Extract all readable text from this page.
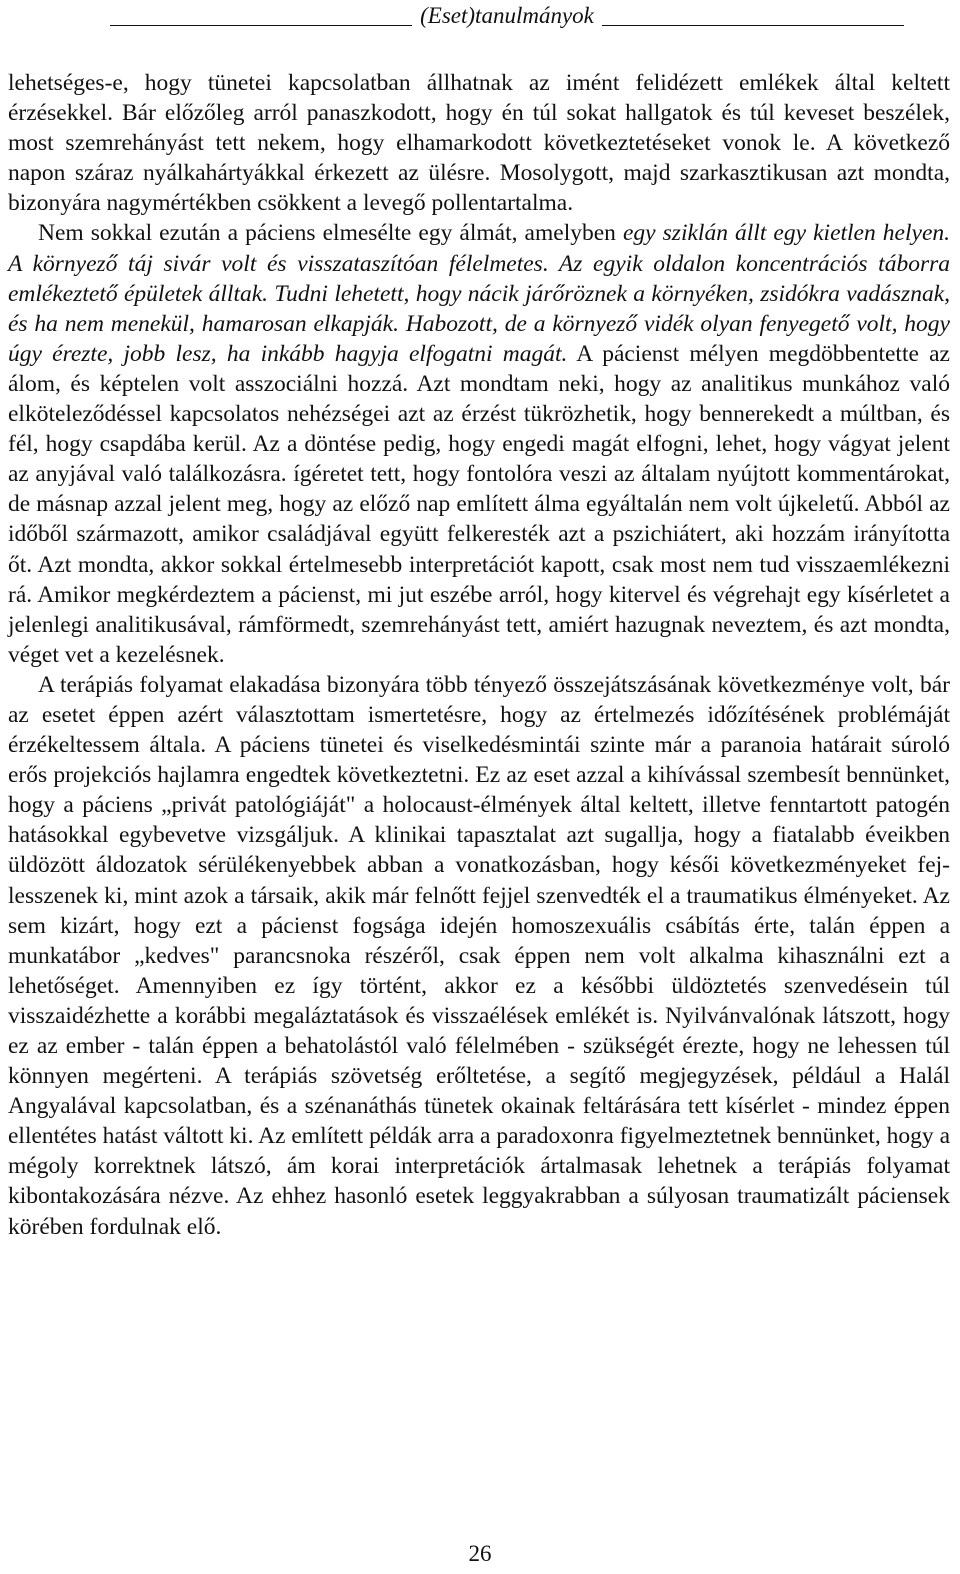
(Eset)tanulmányok

lehetséges-e, hogy tünetei kapcsolatban állhatnak az imént felidézett emlékek által keltett érzésekkel. Bár előzőleg arról panaszkodott, hogy én túl sokat hallgatok és túl keveset beszélek, most szemrehányást tett nekem, hogy elhamarkodott következtetéseket vonok le. A következő napon száraz nyálkahártyákkal érkezett az ülésre. Mosolygott, majd szarkasztikusan azt mondta, bizonyára nagymértékben csökkent a levegő pollentartalma.

Nem sokkal ezután a páciens elmesélte egy álmát, amelyben egy sziklán állt egy kietlen helyen. A környező táj sivár volt és visszataszítóan félelmetes. Az egyik oldalon koncentrációs táborra emlékeztető épületek álltak. Tudni lehetett, hogy nácik járőröznek a környéken, zsidókra vadásznak, és ha nem menekül, hamarosan elkapják. Habozott, de a környező vidék olyan fenyegető volt, hogy úgy érezte, jobb lesz, ha inkább hagyja elfogatni magát. A pácienst mélyen megdöbbentette az álom, és képtelen volt asszociálni hozzá. Azt mondtam neki, hogy az analitikus munkához való elköteleződéssel kapcsolatos nehézségei azt az érzést tükrözhetik, hogy bennerekedt a múltban, és fél, hogy csapdába kerül. Az a döntése pedig, hogy engedi magát elfogni, lehet, hogy vágyat jelent az anyjával való találkozásra. ígéretet tett, hogy fontolóra veszi az általam nyújtott kommentárokat, de másnap azzal jelent meg, hogy az előző nap említett álma egyáltalán nem volt újkeletű. Abból az időből származott, amikor családjával együtt felkeresték azt a pszichiátert, aki hozzám irányította őt. Azt mondta, akkor sokkal értelmesebb interpretációt kapott, csak most nem tud visszaemlékezni rá. Amikor megkérdeztem a pácienst, mi jut eszébe arról, hogy kitervel és végrehajt egy kísérletet a jelenlegi analitikusával, rámförmedt, szemrehányást tett, amiért hazugnak neveztem, és azt mondta, véget vet a kezelésnek.

A terápiás folyamat elakadása bizonyára több tényező összejátszásának következménye volt, bár az esetet éppen azért választottam ismertetésre, hogy az értelmezés időzítésének problémáját érzékeltessem általa. A páciens tünetei és viselkedésmintái szinte már a paranoia határait súroló erős projekciós hajlamra engedtek következtetni. Ez az eset azzal a kihívással szembesít bennünket, hogy a páciens „privát patológiáját" a holocaust-élmények által keltett, illetve fenntartott patogén hatásokkal egybevetve vizsgáljuk. A klinikai tapasztalat azt sugallja, hogy a fiatalabb éveikben üldözött áldozatok sérülékenyebbek abban a vonatkozásban, hogy késői következményeket fejlesszenek ki, mint azok a társaik, akik már felnőtt fejjel szenvedték el a traumatikus élményeket. Az sem kizárt, hogy ezt a pácienst fogsága idején homoszexuális csábítás érte, talán éppen a munkatábor „kedves" parancsnoka részéről, csak éppen nem volt alkalma kihasználni ezt a lehetőséget. Amennyiben ez így történt, akkor ez a későbbi üldöztetés szenvedésein túl visszaidézhette a korábbi megaláztatások és visszaélések emlékét is. Nyilvánvalónak látszott, hogy ez az ember - talán éppen a behatolástól való félelmében - szükségét érezte, hogy ne lehessen túl könnyen megérteni. A terápiás szövetség erőltetése, a segítő megjegyzések, például a Halál Angyalával kapcsolatban, és a szénanáthás tünetek okainak feltárására tett kísérlet - mindez éppen ellentétes hatást váltott ki. Az említett példák arra a paradoxonra figyelmeztetnek bennünket, hogy a mégoly korrektnek látszó, ám korai interpretációk ártalmasak lehetnek a terápiás folyamat kibontakozására nézve. Az ehhez hasonló esetek leggyakrabban a súlyosan traumatizált páciensek körében fordulnak elő.

26
